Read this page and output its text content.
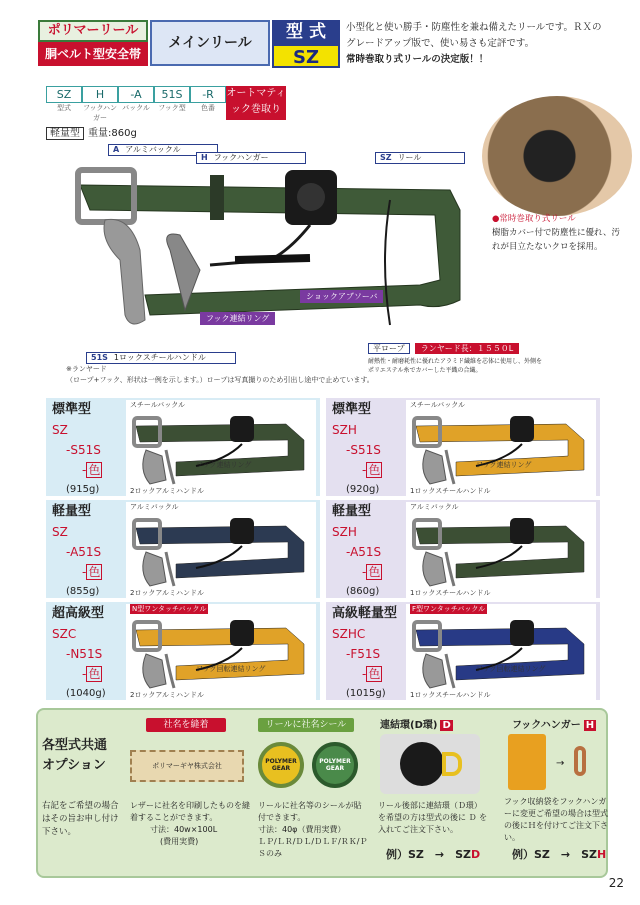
ポリマーリール
胴ベルト型安全帯
メインリール
型 式
SZ
小型化と使い勝手・防塵性を兼ね備えたリールです。ＲＸの
グレードアップ版で、使い易さも定評です。
常時巻取り式リールの決定版！！
SZ
型式
H
フックハンガー
-A
バックル
51S
フック型
-R
色番
オートマティック巻取り
軽量型 重量:860g
A アルミバックル
H フックハンガー	SZ リール
ショックアブソーバ
フック連結リング
51S 1ロックスチールハンドル
平ロープ ランヤード長：１５５０L
耐熱性・耐磨耗性に優れたアラミド繊維を芯体に使用し、外側を
ポリエステル糸でカバーした平織の合繊。
●常時巻取り式リール
樹脂カバー付で防塵性に優れ、汚れが目立たないクロを採用。
※ランヤード
（ロープ+フック、形状は一例を示します。）ロープは写真撮りのため引出し途中で止めています。
標準型
SZ
-S51S
- 色
(915g)
スチールバックル
フック連結リング
2ロックアルミハンドル
標準型
SZH
-S51S
- 色
(920g)
スチールバックル
フック連結リング
1ロックスチールハンドル
軽量型
SZ
-A51S
- 色
(855g)
アルミバックル
2ロックアルミハンドル
軽量型
SZH
-A51S
- 色
(860g)
アルミバックル
1ロックスチールハンドル
超高級型
SZC
-N51S
- 色
(1040g)
N型ワンタッチバックル
フック回転連結リング
2ロックアルミハンドル
高級軽量型
SZHC
-F51S
- 色
(1015g)
F型ワンタッチバックル
フック回転連結リング
1ロックスチールハンドル
各型式共通
オプション
右記をご希望の場合はその旨お申し付け下さい。
社名を縫着
ポリマーギヤ株式会社
レザーに社名を印刷したものを縫着することができます。
寸法：40w×100L
(費用実費)
リールに社名シール
POLYMER GEAR
POLYMER GEAR
リールに社名等のシールが貼付できます。
寸法：40φ（費用実費）
ＬＰ/ＬＲ/ＤＬ/ＤＬＦ/ＲＫ/ＰＳのみ
連結環(D環) D
リール後部に連結環（Ｄ環）を希望の方は型式の後に Ｄ を入れてご注文下さい。
例）SZ　→　SZD
フックハンガー H
→
フック収納袋をフックハンガーに変更ご希望の場合は型式の後にＨを付けてご注文下さい。
例）SZ　→　SZH
22
